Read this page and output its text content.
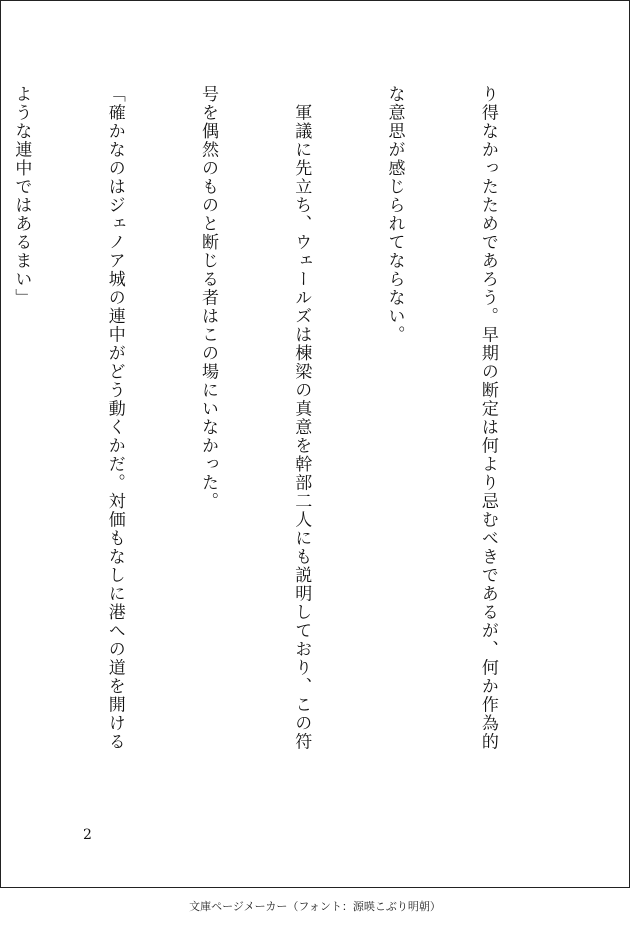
り得なかったためであろう。早期の断定は何より忌むべきであるが、何か作為的

な意思が感じられてならない。

　軍議に先立ち、ウェールズは棟梁の真意を幹部二人にも説明しており、この符

号を偶然のものと断じる者はこの場にいなかった。

「確かなのはジェノア城の連中がどう動くかだ。対価もなしに港への道を開ける

ような連中ではあるまい」

2
文庫ページメーカー（フォント：源暎こぶり明朝）
